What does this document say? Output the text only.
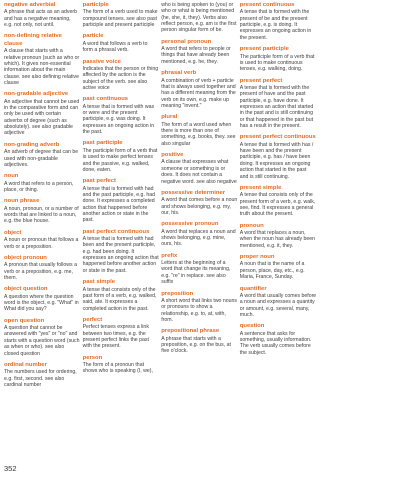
negative adverbial
A phrase that acts as an adverb and has a negative meaning, e.g. not only, not until.
non-defining relative clause
A clause that starts with a relative pronoun (such as who or which). It gives non-essential information about the main clause. see also defining relative clause
non-gradable adjective
An adjective that cannot be used in the comparative form and can only be used with certain adverbs of degree (such as absolutely). see also gradable adjective
non-grading adverb
An adverb of degree that can be used with non-gradable adjectives.
noun
A word that refers to a person, place, or thing.
noun phrase
A noun, pronoun, or a number of words that are linked to a noun, e.g. the blue house.
object
A noun or pronoun that follows a verb or a preposition.
object pronoun
A pronoun that usually follows a verb or a preposition, e.g. me, them.
object question
A question where the question word is the object, e.g. "What" in What did you say?
open question
A question that cannot be answered with "yes" or "no" and starts with a question word (such as when or who). see also closed question
ordinal number
The numbers used for ordering, e.g. first, second. see also cardinal number
participle
The form of a verb used to make compound tenses. see also past participle and present participle
particle
A word that follows a verb to form a phrasal verb.
passive voice
Indicates that the person or thing affected by the action is the subject of the verb. see also active voice
past continuous
A tense that is formed with was or were and the present participle, e.g. was doing. It expresses an ongoing action in the past.
past participle
The participle form of a verb that is used to make perfect tenses and the passive, e.g. walked, done, eaten.
past perfect
A tense that is formed with had and the past participle, e.g. had done. It expresses a completed action that happened before another action or state in the past.
past perfect continuous
A tense that is formed with had been and the present participle, e.g. had been doing. It expresses an ongoing action that happened before another action or state in the past.
past simple
A tense that consists only of the past form of a verb, e.g. walked, said, ate. It expresses a completed action in the past.
perfect
Perfect tenses express a link between two times, e.g. the present perfect links the past with the present.
person
The form of a pronoun that shows who is speaking (I, we),
who is being spoken to (you) or who or what is being mentioned (he, she, it, they). Verbs also reflect person, e.g. am is the first person singular form of be.
personal pronoun
A word that refers to people or things that have already been mentioned, e.g. he, they.
phrasal verb
A combination of verb + particle that is always used together and has a different meaning from the verb on its own, e.g. make up meaning "invent."
plural
The form of a word used when there is more than one of something, e.g. books, they. see also singular
positive
A clause that expresses what someone or something is or does. It does not contain a negative word. see also negative
possessive determiner
A word that comes before a noun and shows belonging, e.g. my, our, his.
possessive pronoun
A word that replaces a noun and shows belonging, e.g. mine, ours, his.
prefix
Letters at the beginning of a word that change its meaning, e.g. "re" in replace. see also suffix
preposition
A short word that links two nouns or pronouns to show a relationship, e.g. to, at, with, from.
prepositional phrase
A phrase that starts with a preposition, e.g. on the bus, at five o'clock.
present continuous
A tense that is formed with the present of be and the present participle, e.g. is doing. It expresses an ongoing action in the present.
present participle
The participle form of a verb that is used to make continuous tenses, e.g. walking, doing.
present perfect
A tense that is formed with the present of have and the past participle, e.g. have done. It expresses an action that started in the past and is still continuing or that happened in the past but has a result in the present.
present perfect continuous
A tense that is formed with has / have been and the present participle, e.g. has / have been doing. It expresses an ongoing action that started in the past and is still continuing.
present simple
A tense that consists only of the present form of a verb, e.g. walk, see, find. It expresses a general truth about the present.
pronoun
A word that replaces a noun, when the noun has already been mentioned, e.g. it, they.
proper noun
A noun that is the name of a person, place, day, etc., e.g. Maria, France, Sunday.
quantifier
A word that usually comes before a noun and expresses a quantity or amount, e.g. several, many, much.
question
A sentence that asks for something, usually information. The verb usually comes before the subject.
352
